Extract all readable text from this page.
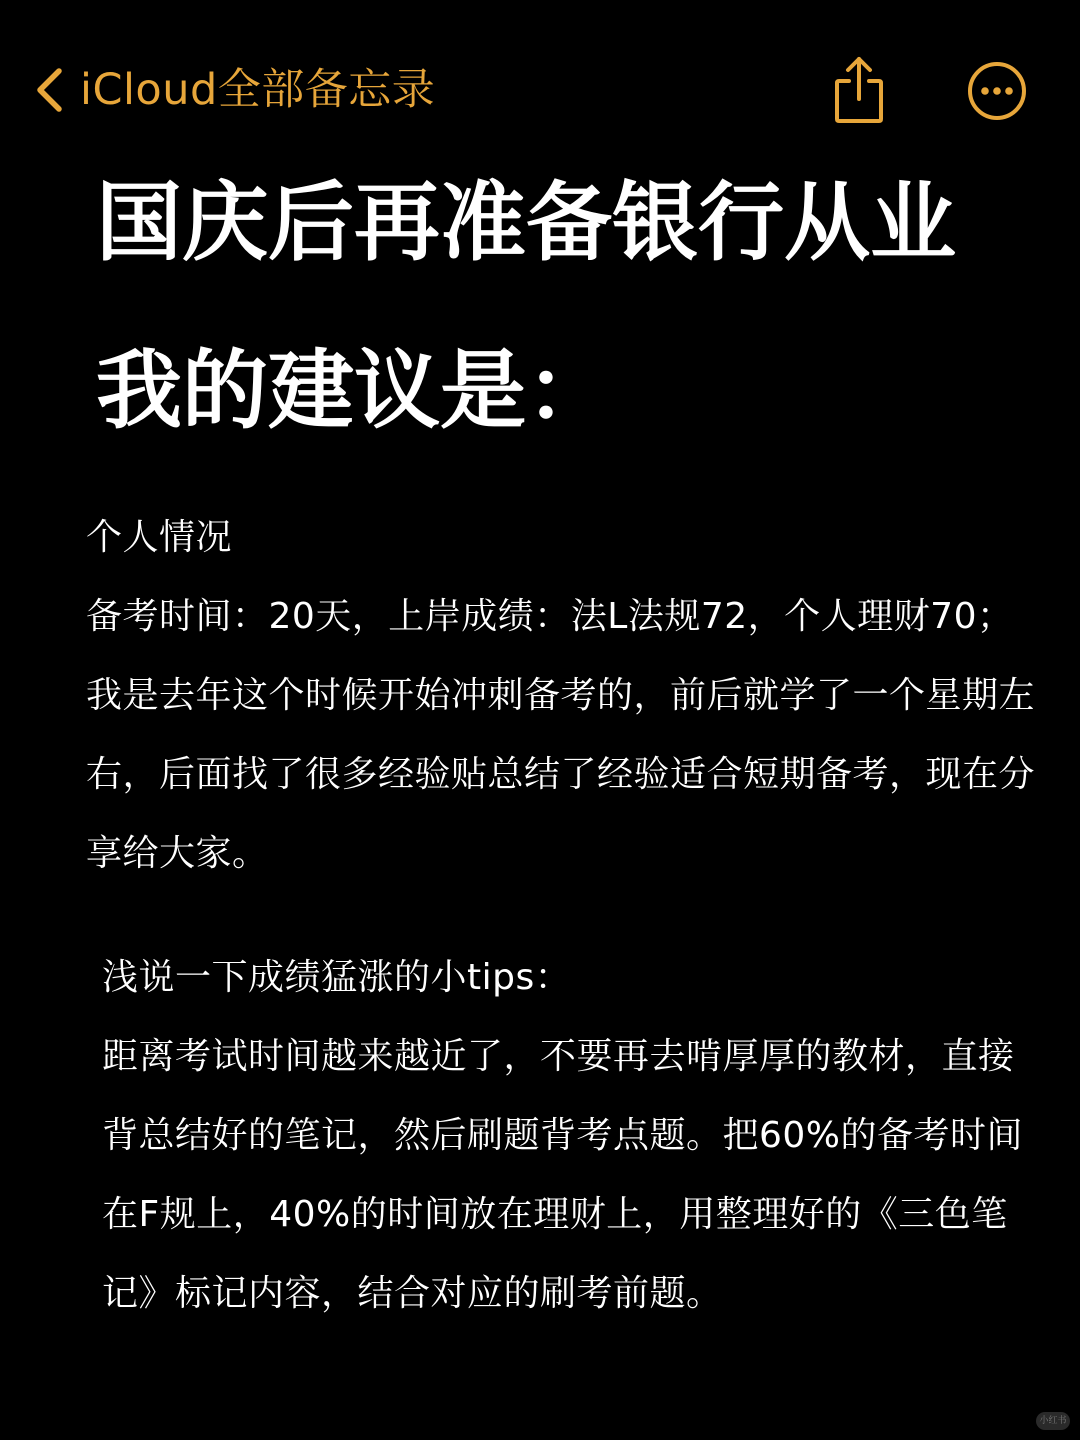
iCloud全部备忘录
国庆后再准备银行从业
我的建议是：

个人情况

备考时间：20天，上岸成绩：法L法规72，个人理财70；我是去年这个时候开始冲刺备考的，前后就学了一个星期左右，后面找了很多经验贴总结了经验适合短期备考，现在分享给大家。

浅说一下成绩猛涨的小tips：

距离考试时间越来越近了，不要再去啃厚厚的教材，直接背总结好的笔记，然后刷题背考点题。把60%的备考时间在F规上，40%的时间放在理财上，用整理好的《三色笔记》标记内容，结合对应的刷考前题。

小红书
